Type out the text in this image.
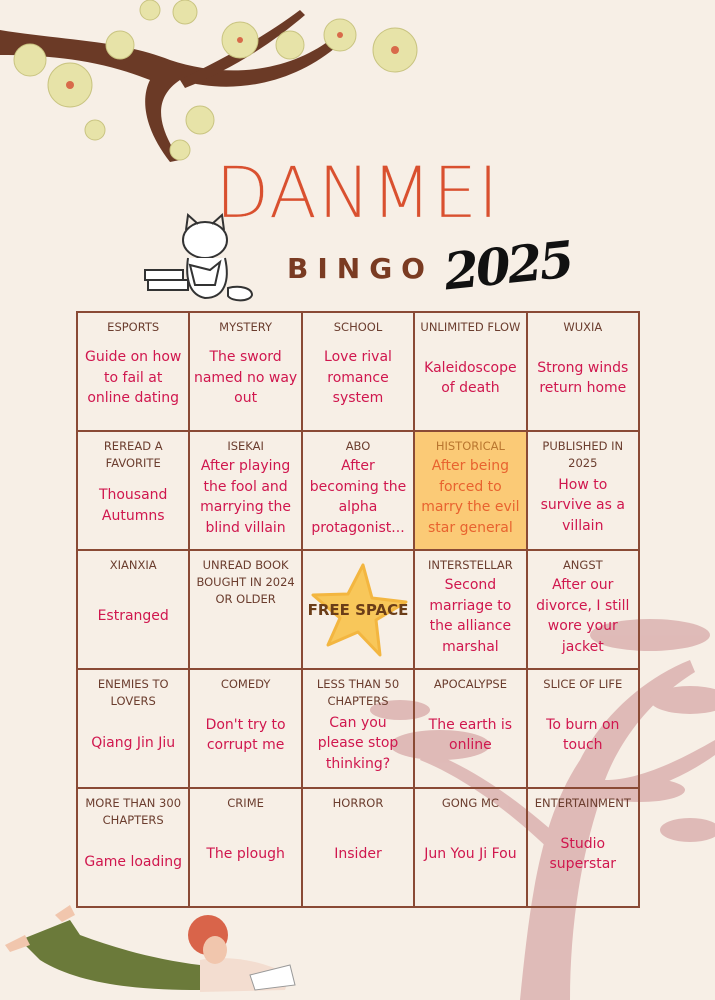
DANMEI
BINGO 2025
ESPORTS
Guide on how to fail at online dating
MYSTERY
The sword named no way out
SCHOOL
Love rival romance system
UNLIMITED FLOW
Kaleidoscope of death
WUXIA
Strong winds return home
REREAD A FAVORITE
Thousand Autumns
ISEKAI
After playing the fool and marrying the blind villain
ABO
After becoming the alpha protagonist...
HISTORICAL
After being forced to marry the evil star general
PUBLISHED IN 2025
How to survive as a villain
XIANXIA
Estranged
UNREAD BOOK BOUGHT IN 2024 OR OLDER
FREE SPACE
INTERSTELLAR
Second marriage to the alliance marshal
ANGST
After our divorce, I still wore your jacket
ENEMIES TO LOVERS
Qiang Jin Jiu
COMEDY
Don't try to corrupt me
LESS THAN 50 CHAPTERS
Can you please stop thinking?
APOCALYPSE
The earth is online
SLICE OF LIFE
To burn on touch
MORE THAN 300 CHAPTERS
Game loading
CRIME
The plough
HORROR
Insider
GONG MC
Jun You Ji Fou
ENTERTAINMENT
Studio superstar
